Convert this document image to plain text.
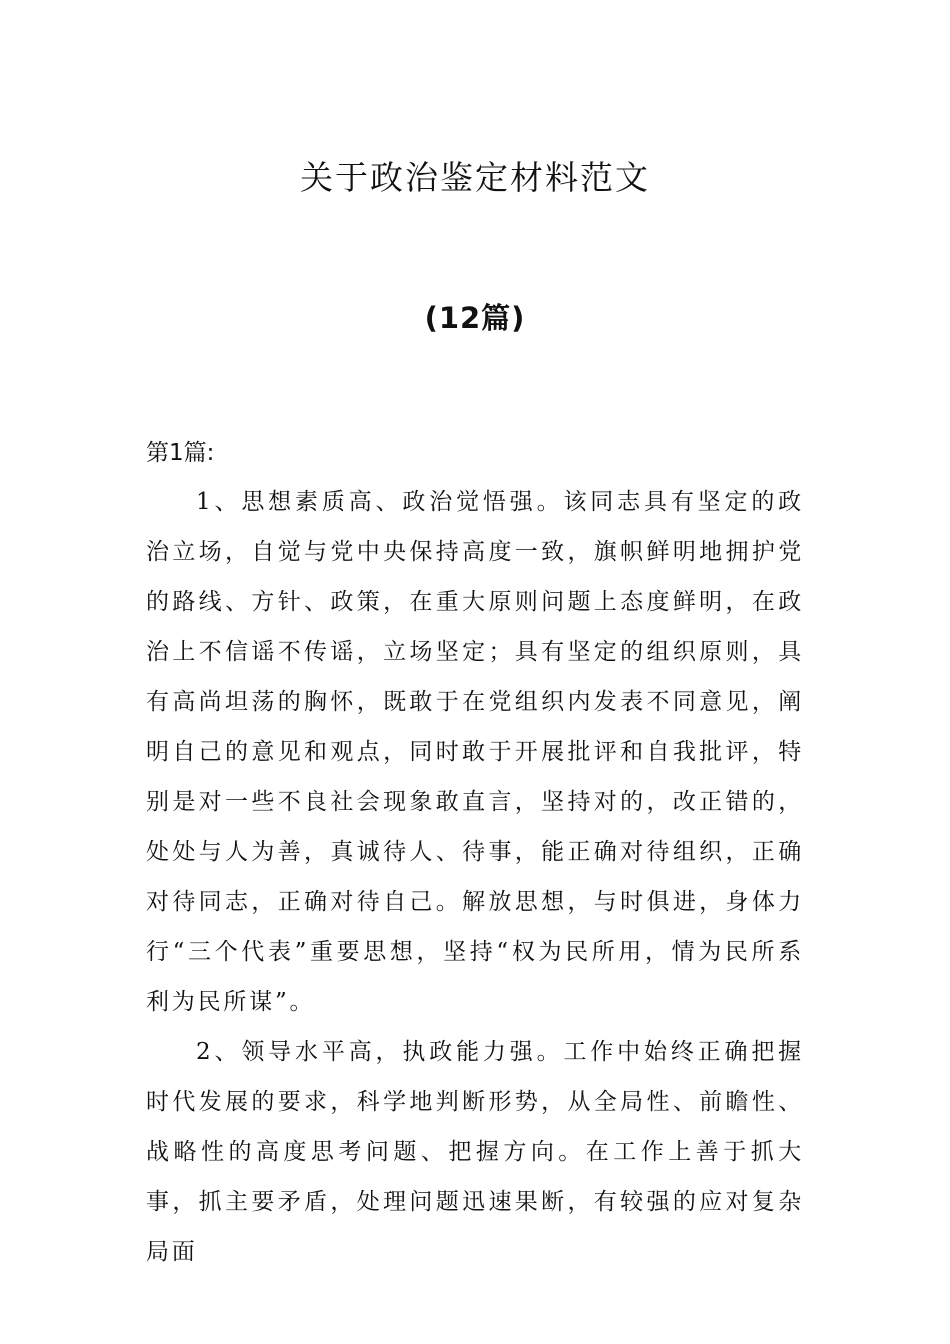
关于政治鉴定材料范文
(12篇)
第1篇:

1、思想素质高、政治觉悟强。该同志具有坚定的政治立场，自觉与党中央保持高度一致，旗帜鲜明地拥护党的路线、方针、政策，在重大原则问题上态度鲜明，在政治上不信谣不传谣，立场坚定；具有坚定的组织原则，具有高尚坦荡的胸怀，既敢于在党组织内发表不同意见，阐明自己的意见和观点，同时敢于开展批评和自我批评，特别是对一些不良社会现象敢直言，坚持对的，改正错的，处处与人为善，真诚待人、待事，能正确对待组织，正确对待同志，正确对待自己。解放思想，与时俱进，身体力行“三个代表”重要思想，坚持“权为民所用，情为民所系利为民所谋”。

2、领导水平高，执政能力强。工作中始终正确把握时代发展的要求，科学地判断形势，从全局性、前瞻性、战略性的高度思考问题、把握方向。在工作上善于抓大事，抓主要矛盾，处理问题迅速果断，有较强的应对复杂局面
